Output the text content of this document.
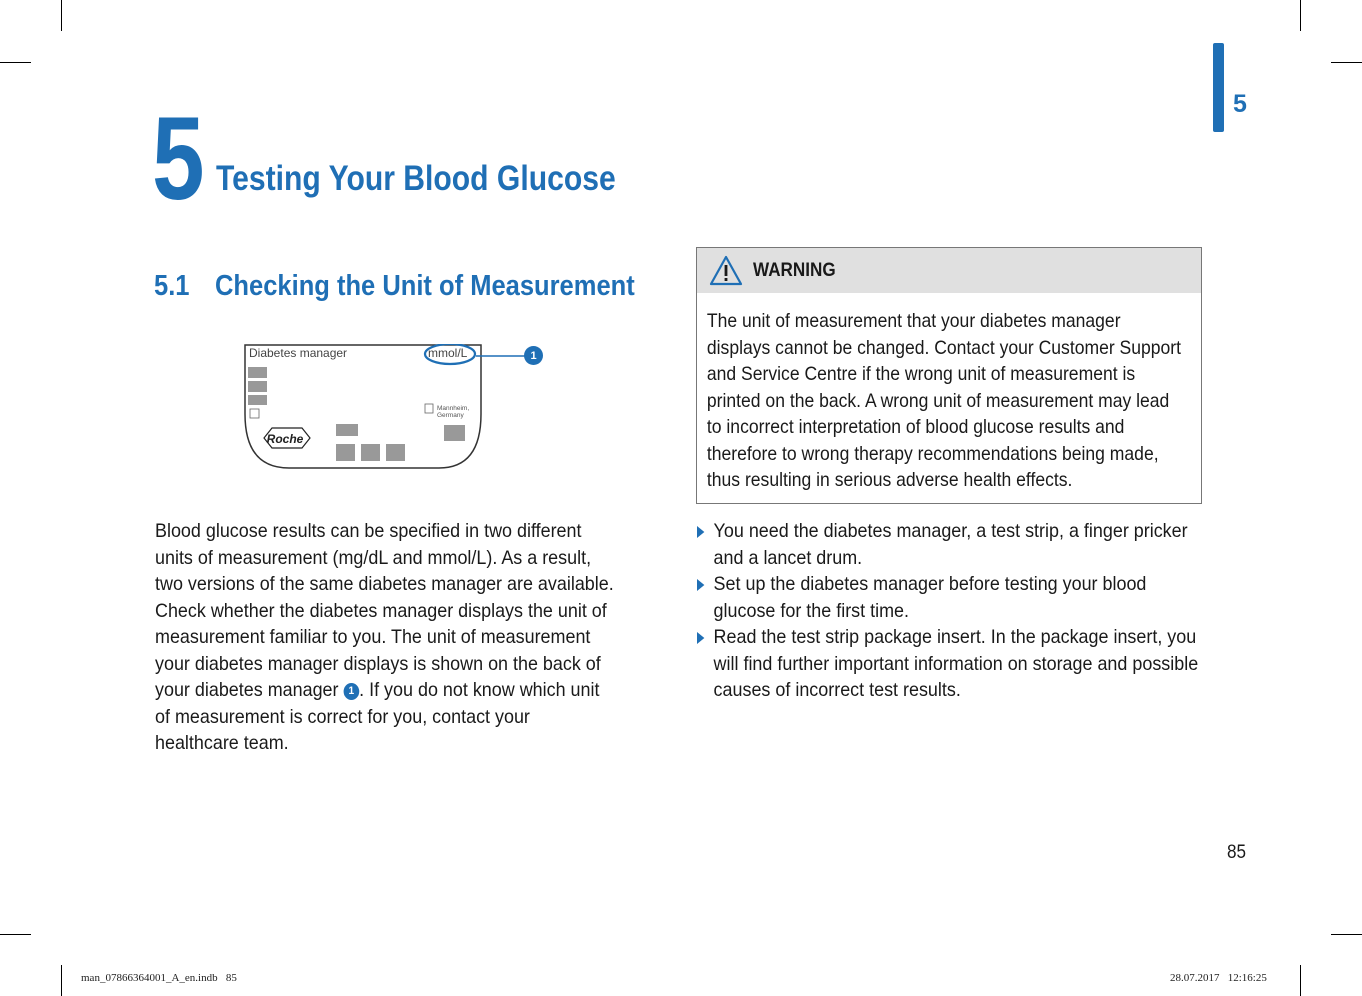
5
5 Testing Your Blood Glucose
5.1 Checking the Unit of Measurement
Diabetes manager	mmol/L
Mannheim, Germany
Roche
1
Blood glucose results can be specified in two different units of measurement (mg/dL and mmol/L). As a result, two versions of the same diabetes manager are available. Check whether the diabetes manager displays the unit of measurement familiar to you. The unit of measurement your diabetes manager displays is shown on the back of your diabetes manager 1 . If you do not know which unit of measurement is correct for you, contact your healthcare team.
WARNING
The unit of measurement that your diabetes manager displays cannot be changed. Contact your Customer Support and Service Centre if the wrong unit of measurement is printed on the back. A wrong unit of measurement may lead to incorrect interpretation of blood glucose results and therefore to wrong therapy recommendations being made, thus resulting in serious adverse health effects.
You need the diabetes manager, a test strip, a finger pricker and a lancet drum.
Set up the diabetes manager before testing your blood glucose for the first time.
Read the test strip package insert. In the package insert, you will find further important information on storage and possible causes of incorrect test results.
85
man_07866364001_A_en.indb   85	28.07.2017   12:16:25
